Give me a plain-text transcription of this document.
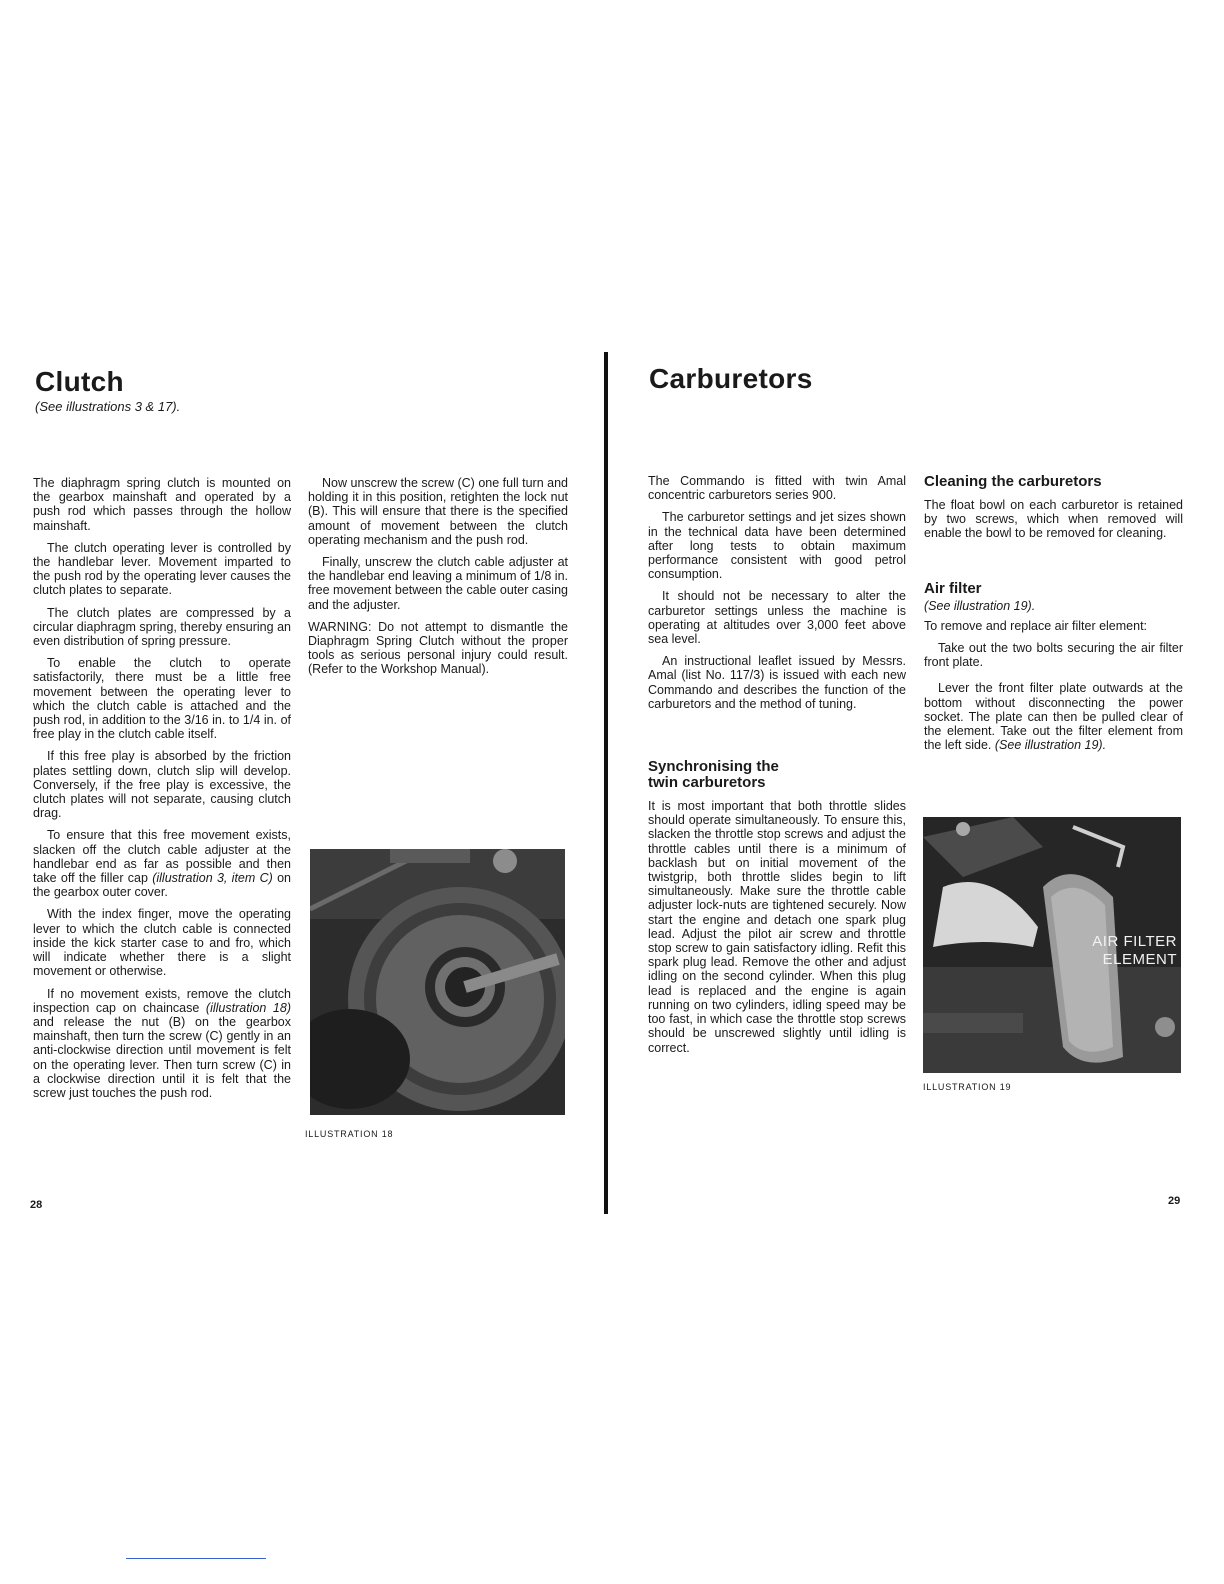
Clutch

(See illustrations 3 & 17).

The diaphragm spring clutch is mounted on the gearbox mainshaft and operated by a push rod which passes through the hollow mainshaft.

The clutch operating lever is controlled by the handlebar lever. Movement imparted to the push rod by the operating lever causes the clutch plates to separate.

The clutch plates are compressed by a circular diaphragm spring, thereby ensuring an even distribution of spring pressure.

To enable the clutch to operate satisfactorily, there must be a little free movement between the operating lever to which the clutch cable is attached and the push rod, in addition to the 3/16 in. to 1/4 in. of free play in the clutch cable itself.

If this free play is absorbed by the friction plates settling down, clutch slip will develop. Conversely, if the free play is excessive, the clutch plates will not separate, causing clutch drag.

To ensure that this free movement exists, slacken off the clutch cable adjuster at the handlebar end as far as possible and then take off the filler cap (illustration 3, item C) on the gearbox outer cover.

With the index finger, move the operating lever to which the clutch cable is connected inside the kick starter case to and fro, which will indicate whether there is a slight movement or otherwise.

If no movement exists, remove the clutch inspection cap on chaincase (illustration 18) and release the nut (B) on the gearbox mainshaft, then turn the screw (C) gently in an anti-clockwise direction until movement is felt on the operating lever. Then turn screw (C) in a clockwise direction until it is felt that the screw just touches the push rod.

Now unscrew the screw (C) one full turn and holding it in this position, retighten the lock nut (B). This will ensure that there is the specified amount of movement between the clutch operating mechanism and the push rod.

Finally, unscrew the clutch cable adjuster at the handlebar end leaving a minimum of 1/8 in. free movement between the cable outer casing and the adjuster.

WARNING: Do not attempt to dismantle the Diaphragm Spring Clutch without the proper tools as serious personal injury could result. (Refer to the Workshop Manual).

ILLUSTRATION 18
28
Carburetors

The Commando is fitted with twin Amal concentric carburetors series 900.

The carburetor settings and jet sizes shown in the technical data have been determined after long tests to obtain maximum performance consistent with good petrol consumption.

It should not be necessary to alter the carburetor settings unless the machine is operating at altitudes over 3,000 feet above sea level.

An instructional leaflet issued by Messrs. Amal (list No. 117/3) is issued with each new Commando and describes the function of the carburetors and the method of tuning.

Synchronising the
twin carburetors

It is most important that both throttle slides should operate simultaneously. To ensure this, slacken the throttle stop screws and adjust the throttle cables until there is a minimum of backlash but on initial movement of the twistgrip, both throttle slides begin to lift simultaneously. Make sure the throttle cable adjuster lock-nuts are tightened securely. Now start the engine and detach one spark plug lead. Adjust the pilot air screw and throttle stop screw to gain satisfactory idling. Refit this spark plug lead. Remove the other and adjust idling on the second cylinder. When this plug lead is replaced and the engine is again running on two cylinders, idling speed may be too fast, in which case the throttle stop screws should be unscrewed slightly until idling is correct.

Cleaning the carburetors

The float bowl on each carburetor is retained by two screws, which when removed will enable the bowl to be removed for cleaning.

Air filter

(See illustration 19).

To remove and replace air filter element:

Take out the two bolts securing the air filter front plate.

Lever the front filter plate outwards at the bottom without disconnecting the power socket. The plate can then be pulled clear of the element. Take out the filter element from the left side. (See illustration 19).

AIR FILTER
ELEMENT
ILLUSTRATION 19
29
